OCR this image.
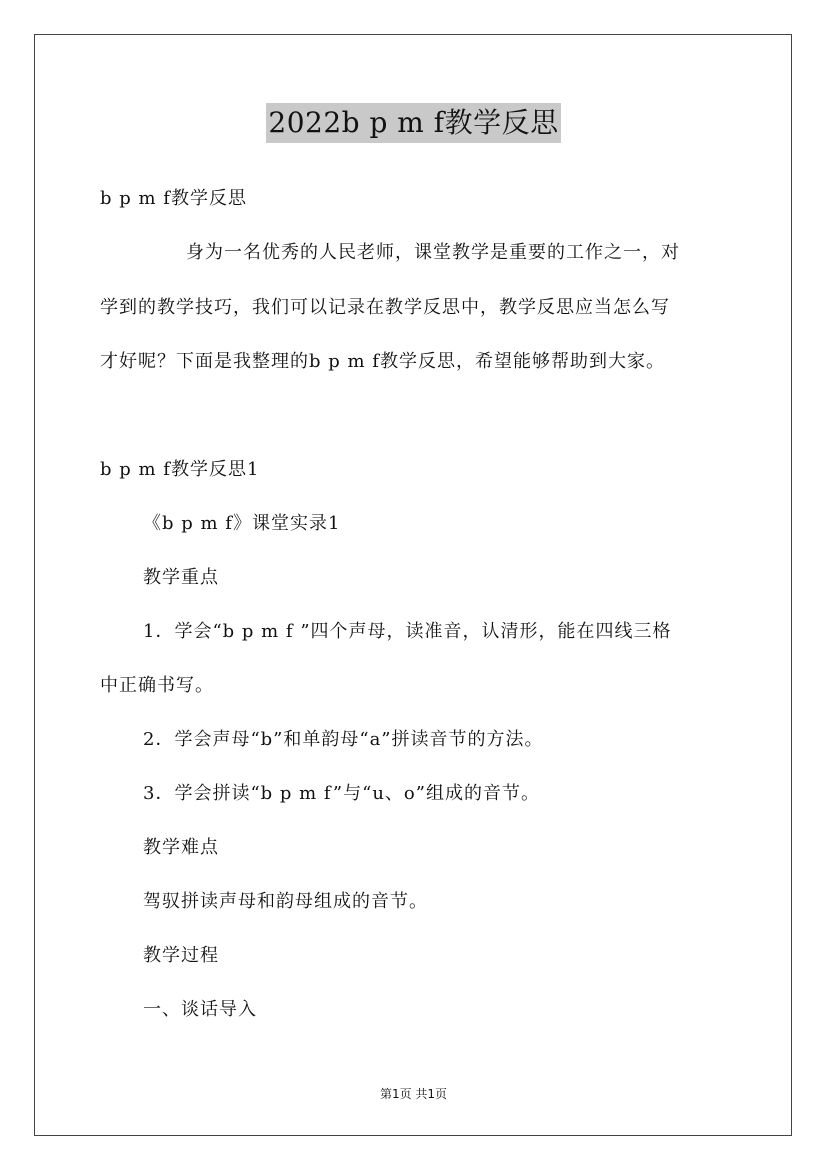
2022b p m f教学反思
b p m f教学反思
身为一名优秀的人民老师，课堂教学是重要的工作之一，对
学到的教学技巧，我们可以记录在教学反思中，教学反思应当怎么写
才好呢？下面是我整理的b p m f教学反思，希望能够帮助到大家。
b p m f教学反思1
《b p m f》课堂实录1
教学重点
1．学会“b p m f ”四个声母，读准音，认清形，能在四线三格
中正确书写。
2．学会声母“b”和单韵母“a”拼读音节的方法。
3．学会拼读“b p m f”与“u、o”组成的音节。
教学难点
驾驭拼读声母和韵母组成的音节。
教学过程
一、谈话导入
第1页 共1页
